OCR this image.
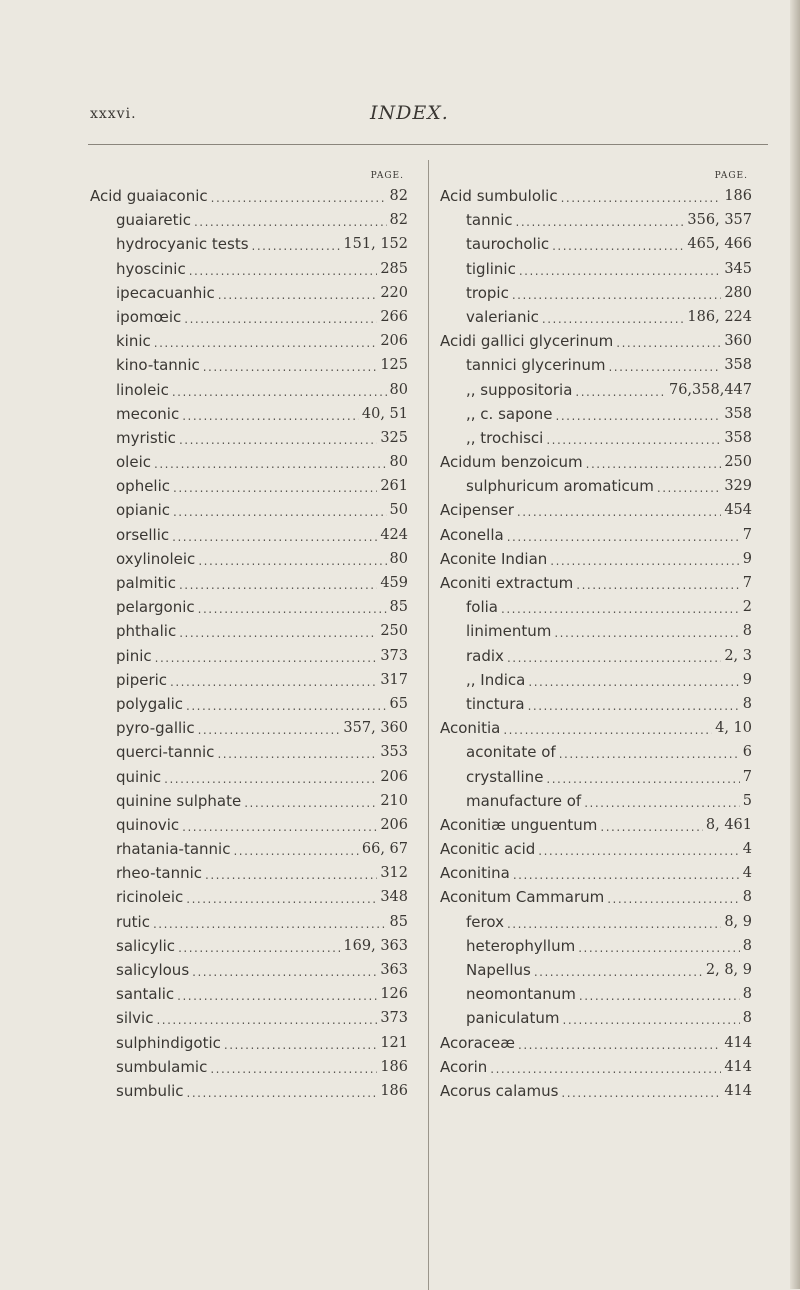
xxxvi.	INDEX.
PAGE.
Acid guaiaconic .....	82
guaiaretic .....	82
hydrocyanic tests .....	151, 152
hyoscinic .....	285
ipecacuanhic .....	220
ipomœic .....	266
kinic .....	206
kino-tannic .....	125
linoleic .....	80
meconic .....	40, 51
myristic .....	325
oleic .....	80
ophelic .....	261
opianic .....	50
orsellic .....	424
oxylinoleic .....	80
palmitic .....	459
pelargonic .....	85
phthalic .....	250
pinic .....	373
piperic .....	317
polygalic .....	65
pyro-gallic .....	357, 360
querci-tannic .....	353
quinic .....	206
quinine sulphate .....	210
quinovic .....	206
rhatania-tannic .....	66, 67
rheo-tannic .....	312
ricinoleic .....	348
rutic .....	85
salicylic .....	169, 363
salicylous .....	363
santalic .....	126
silvic .....	373
sulphindigotic .....	121
sumbulamic .....	186
sumbulic .....	186
PAGE.
Acid sumbulolic .....	186
tannic .....	356, 357
taurocholic .....	465, 466
tiglinic .....	345
tropic .....	280
valerianic .....	186, 224
Acidi gallici glycerinum .....	360
tannici glycerinum .....	358
,, suppositoria .....	76,358,447
,, c. sapone .....	358
,, trochisci .....	358
Acidum benzoicum .....	250
sulphuricum aromaticum .....	329
Acipenser .....	454
Aconella .....	7
Aconite Indian .....	9
Aconiti extractum .....	7
folia .....	2
linimentum .....	8
radix .....	2, 3
,, Indica .....	9
tinctura .....	8
Aconitia .....	4, 10
aconitate of .....	6
crystalline .....	7
manufacture of .....	5
Aconitiæ unguentum .....	8, 461
Aconitic acid .....	4
Aconitina .....	4
Aconitum Cammarum .....	8
ferox .....	8, 9
heterophyllum .....	8
Napellus .....	2, 8, 9
neomontanum .....	8
paniculatum .....	8
Acoraceæ .....	414
Acorin .....	414
Acorus calamus .....	414
